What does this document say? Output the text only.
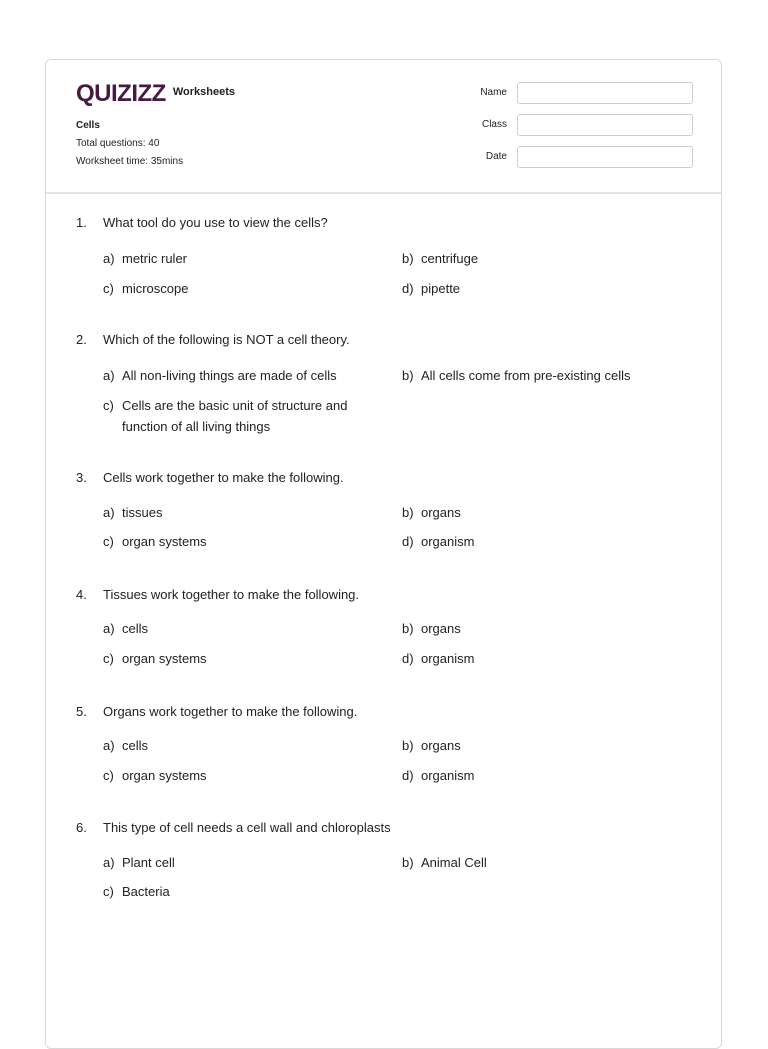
QUIZIZZ Worksheets
Cells
Total questions: 40
Worksheet time: 35mins
Name
Class
Date
1.	What tool do you use to view the cells?
a) metric ruler	b) centrifuge
c) microscope	d) pipette
2.	Which of the following is NOT a cell theory.
a) All non-living things are made of cells	b) All cells come from pre-existing cells
c) Cells are the basic unit of structure and function of all living things
3.	Cells work together to make the following.
a) tissues	b) organs
c) organ systems	d) organism
4.	Tissues work together to make the following.
a) cells	b) organs
c) organ systems	d) organism
5.	Organs work together to make the following.
a) cells	b) organs
c) organ systems	d) organism
6.	This type of cell needs a cell wall and chloroplasts
a) Plant cell	b) Animal Cell
c) Bacteria
